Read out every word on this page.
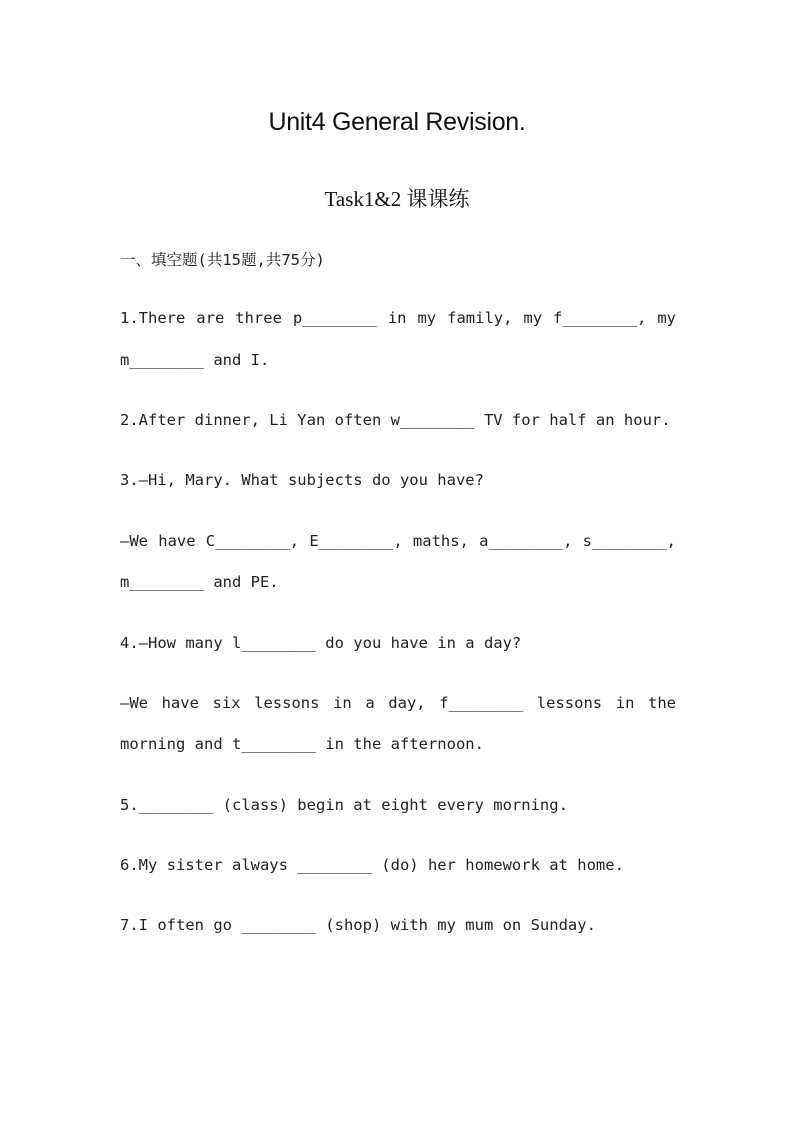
Unit4 General Revision.
Task1&2 课课练

一、填空题(共15题,共75分)

1.There are three p________ in my family, my f________, my

m________ and I.

2.After dinner, Li Yan often w________ TV for half an hour.

3.—Hi, Mary. What subjects do you have?

—We have C________, E________, maths, a________, s________,

m________ and PE.

4.—How many l________ do you have in a day?

—We have six lessons in a day, f________ lessons in the

morning and t________ in the afternoon.

5.________ (class) begin at eight every morning.

6.My sister always ________ (do) her homework at home.

7.I often go ________ (shop) with my mum on Sunday.
